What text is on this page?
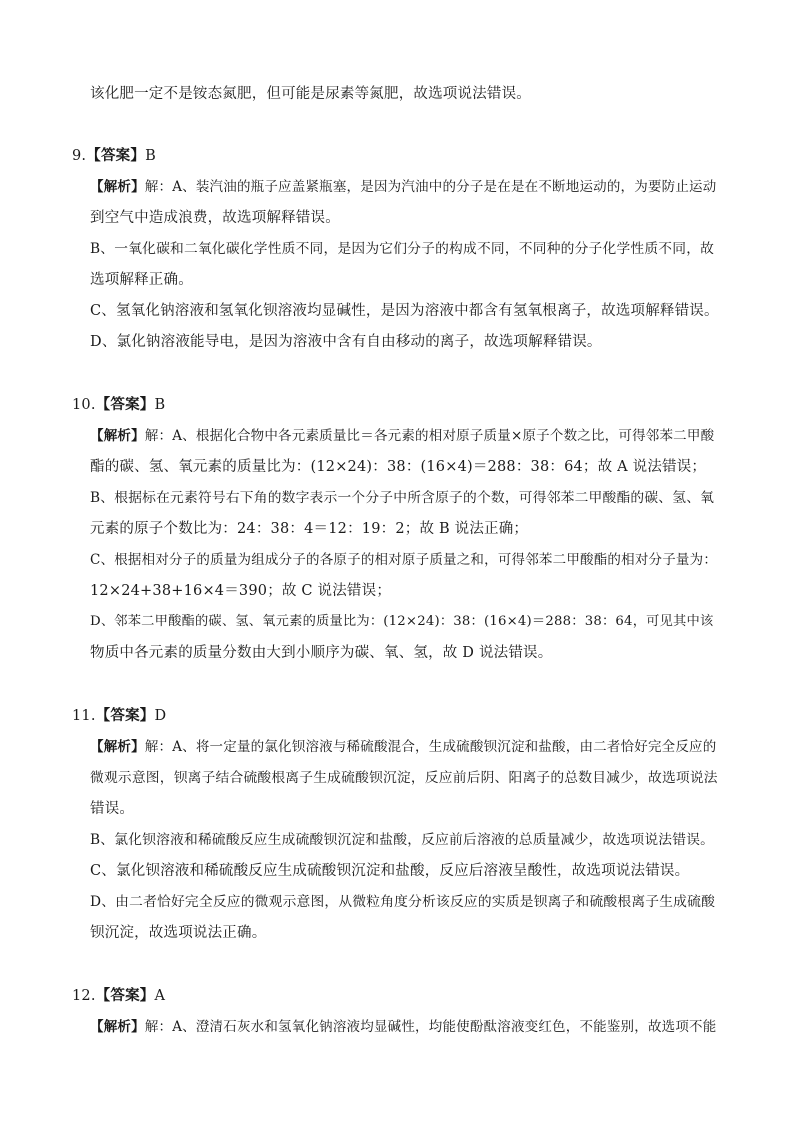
该化肥一定不是铵态氮肥，但可能是尿素等氮肥，故选项说法错误。
9.【答案】B
【解析】解：A、装汽油的瓶子应盖紧瓶塞，是因为汽油中的分子是在是在不断地运动的，为要防止运动
到空气中造成浪费，故选项解释错误。
B、一氧化碳和二氧化碳化学性质不同，是因为它们分子的构成不同，不同种的分子化学性质不同，故
选项解释正确。
C、氢氧化钠溶液和氢氧化钡溶液均显碱性，是因为溶液中都含有氢氧根离子，故选项解释错误。
D、氯化钠溶液能导电，是因为溶液中含有自由移动的离子，故选项解释错误。
10.【答案】B
【解析】解：A、根据化合物中各元素质量比＝各元素的相对原子质量×原子个数之比，可得邻苯二甲酸
酯的碳、氢、氧元素的质量比为：(12×24)：38：(16×4)＝288：38：64；故 A 说法错误；
B、根据标在元素符号右下角的数字表示一个分子中所含原子的个数，可得邻苯二甲酸酯的碳、氢、氧
元素的原子个数比为：24：38：4＝12：19：2；故 B 说法正确；
C、根据相对分子的质量为组成分子的各原子的相对原子质量之和，可得邻苯二甲酸酯的相对分子量为：
12×24+38+16×4＝390；故 C 说法错误；
D、邻苯二甲酸酯的碳、氢、氧元素的质量比为：(12×24)：38：(16×4)＝288：38：64，可见其中该
物质中各元素的质量分数由大到小顺序为碳、氧、氢，故 D 说法错误。
11.【答案】D
【解析】解：A、将一定量的氯化钡溶液与稀硫酸混合，生成硫酸钡沉淀和盐酸，由二者恰好完全反应的
微观示意图，钡离子结合硫酸根离子生成硫酸钡沉淀，反应前后阴、阳离子的总数目减少，故选项说法
错误。
B、氯化钡溶液和稀硫酸反应生成硫酸钡沉淀和盐酸，反应前后溶液的总质量减少，故选项说法错误。
C、氯化钡溶液和稀硫酸反应生成硫酸钡沉淀和盐酸，反应后溶液呈酸性，故选项说法错误。
D、由二者恰好完全反应的微观示意图，从微粒角度分析该反应的实质是钡离子和硫酸根离子生成硫酸
钡沉淀，故选项说法正确。
12.【答案】A
【解析】解：A、澄清石灰水和氢氧化钠溶液均显碱性，均能使酚酞溶液变红色，不能鉴别，故选项不能
